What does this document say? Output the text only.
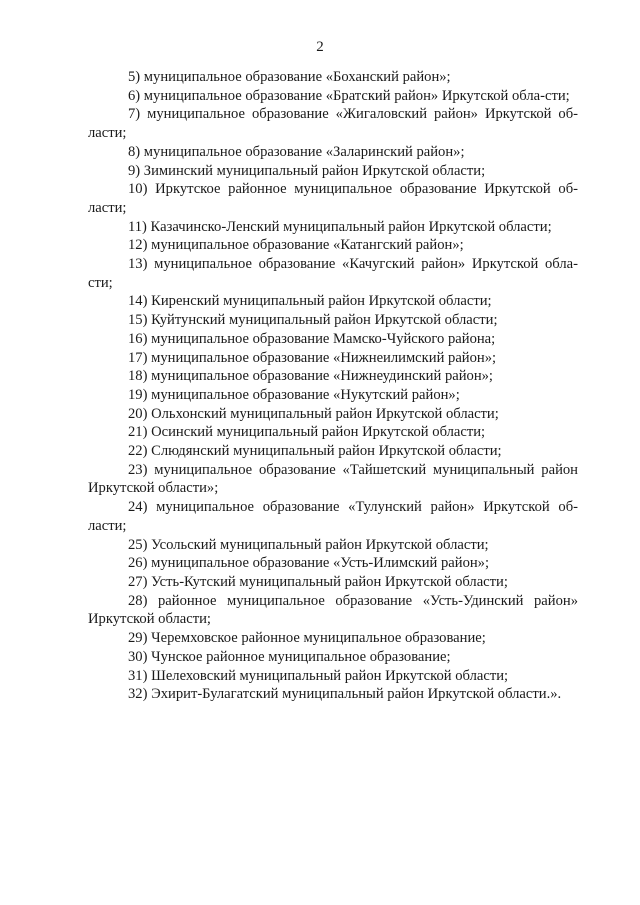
2

5) муниципальное образование «Боханский район»;

6) муниципальное образование «Братский район» Иркутской обла-сти;

7) муниципальное образование «Жигаловский район» Иркутской об-ласти;

8) муниципальное образование «Заларинский район»;

9) Зиминский муниципальный район Иркутской области;

10) Иркутское районное муниципальное образование Иркутской об-ласти;

11) Казачинско-Ленский муниципальный район Иркутской области;

12) муниципальное образование «Катангский район»;

13) муниципальное образование «Качугский район» Иркутской обла-сти;

14) Киренский муниципальный район Иркутской области;

15) Куйтунский муниципальный район Иркутской области;

16) муниципальное образование Мамско-Чуйского района;

17) муниципальное образование «Нижнеилимский район»;

18) муниципальное образование «Нижнеудинский район»;

19) муниципальное образование «Нукутский район»;

20) Ольхонский муниципальный район Иркутской области;

21) Осинский муниципальный район Иркутской области;

22) Слюдянский муниципальный район Иркутской области;

23) муниципальное образование «Тайшетский муниципальный район Иркутской области»;

24) муниципальное образование «Тулунский район» Иркутской об-ласти;

25) Усольский муниципальный район Иркутской области;

26) муниципальное образование «Усть-Илимский район»;

27) Усть-Кутский муниципальный район Иркутской области;

28) районное муниципальное образование «Усть-Удинский район» Иркутской области;

29) Черемховское районное муниципальное образование;

30) Чунское районное муниципальное образование;

31) Шелеховский муниципальный район Иркутской области;

32) Эхирит-Булагатский муниципальный район Иркутской области.».
